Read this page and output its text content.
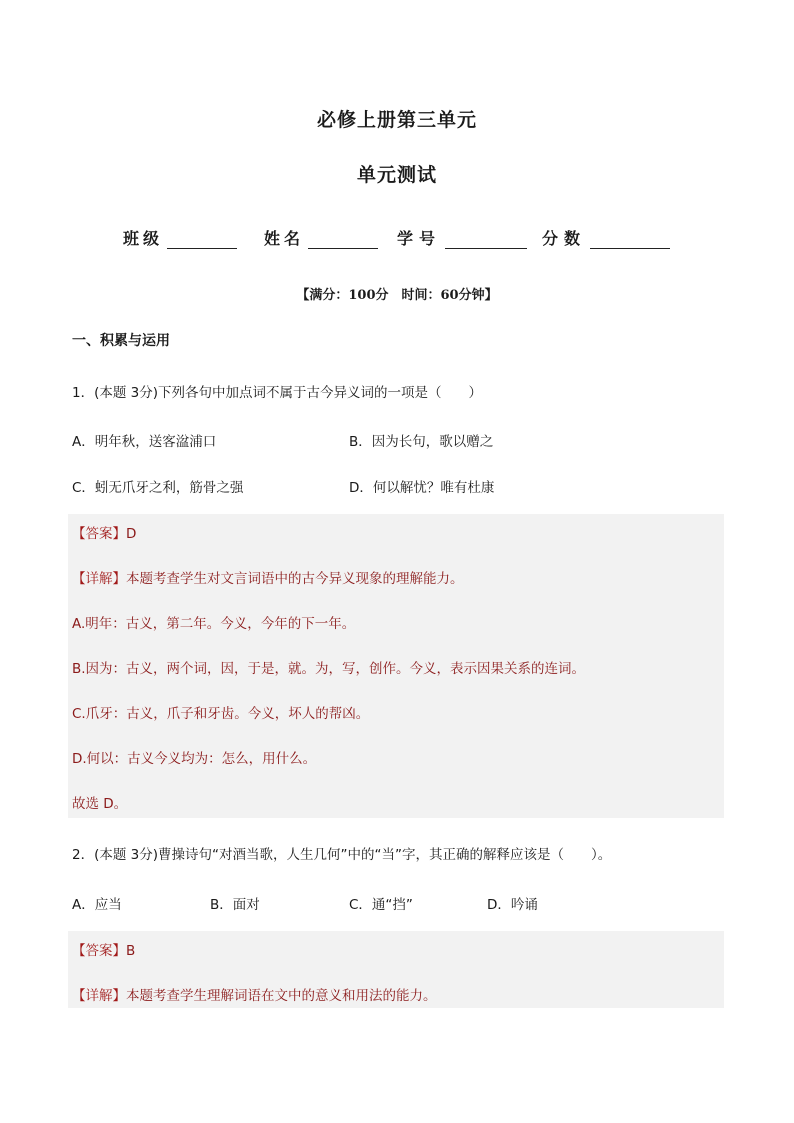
必修上册第三单元
单元测试
班级	姓名	学号	分数
【满分：100分　时间：60分钟】
一、积累与运用
1．(本题 3分)下列各句中加点词不属于古今异义词的一项是（　　）
A．明年秋，送客湓浦口	B．因为长句，歌以赠之
C．蚓无爪牙之利，筋骨之强	D．何以解忧？唯有杜康
【答案】D
【详解】本题考查学生对文言词语中的古今异义现象的理解能力。
A.明年：古义，第二年。今义，今年的下一年。
B.因为：古义，两个词，因，于是，就。为，写，创作。今义，表示因果关系的连词。
C.爪牙：古义，爪子和牙齿。今义，坏人的帮凶。
D.何以：古义今义均为：怎么，用什么。
故选 D。
2．(本题 3分)曹操诗句“对酒当歌，人生几何”中的“当”字，其正确的解释应该是（　　）。
A．应当	B．面对	C．通“挡”	D．吟诵
【答案】B
【详解】本题考查学生理解词语在文中的意义和用法的能力。
